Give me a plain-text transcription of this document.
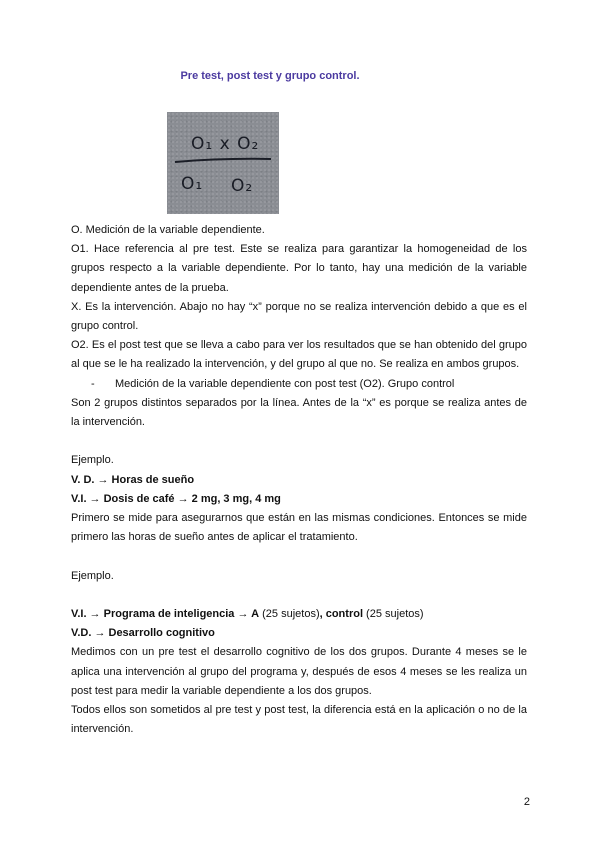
Pre test, post test y grupo control.
O₁ x O₂
O₁ O₂

O. Medición de la variable dependiente.

O1. Hace referencia al pre test. Este se realiza para garantizar la homogeneidad de los grupos respecto a la variable dependiente. Por lo tanto, hay una medición de la variable dependiente antes de la prueba.

X. Es la intervención. Abajo no hay “x” porque no se realiza intervención debido a que es el grupo control.

O2. Es el post test que se lleva a cabo para ver los resultados que se han obtenido del grupo al que se le ha realizado la intervención, y del grupo al que no. Se realiza en ambos grupos.

- Medición de la variable dependiente con post test (O2). Grupo control

Son 2 grupos distintos separados por la línea. Antes de la “x” es porque se realiza antes de la intervención.

Ejemplo.

V. D. → Horas de sueño

V.I. → Dosis de café → 2 mg, 3 mg, 4 mg

Primero se mide para asegurarnos que están en las mismas condiciones. Entonces se mide primero las horas de sueño antes de aplicar el tratamiento.

Ejemplo.

V.I. → Programa de inteligencia → A (25 sujetos), control (25 sujetos)

V.D. → Desarrollo cognitivo

Medimos con un pre test el desarrollo cognitivo de los dos grupos. Durante 4 meses se le aplica una intervención al grupo del programa y, después de esos 4 meses se les realiza un post test para medir la variable dependiente a los dos grupos.

Todos ellos son sometidos al pre test y post test, la diferencia está en la aplicación o no de la intervención.

2
